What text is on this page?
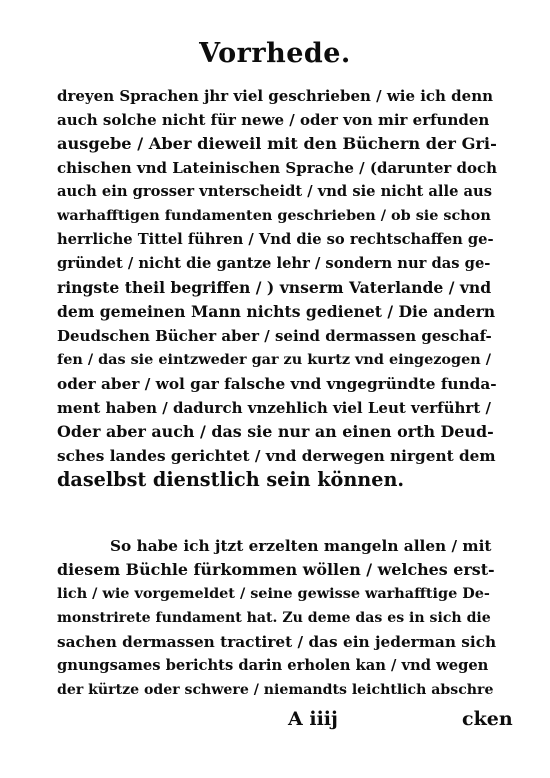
Vorrhede.
dreyen Sprachen jhr viel geschrieben / wie ich denn
auch solche nicht für newe / oder von mir erfunden
ausgebe / Aber dieweil mit den Büchern der Gri-
chischen vnd Lateinischen Sprache / (darunter doch
auch ein grosser vnterscheidt / vnd sie nicht alle aus
warhafftigen fundamenten geschrieben / ob sie schon
herrliche Tittel führen / Vnd die so rechtschaffen ge-
gründet / nicht die gantze lehr / sondern nur das ge-
ringste theil begriffen / ) vnserm Vaterlande / vnd
dem gemeinen Mann nichts gedienet / Die andern
Deudschen Bücher aber / seind dermassen geschaf-
fen / das sie eintzweder gar zu kurtz vnd eingezogen /
oder aber / wol gar falsche vnd vngegründte funda-
ment haben / dadurch vnzehlich viel Leut verführt /
Oder aber auch / das sie nur an einen orth Deud-
sches landes gerichtet / vnd derwegen nirgent dem
daselbst dienstlich sein können.
So habe ich jtzt erzelten mangeln allen / mit
diesem Büchle fürkommen wöllen / welches erst-
lich / wie vorgemeldet / seine gewisse warhafftige De-
monstrirete fundament hat. Zu deme das es in sich die
sachen dermassen tractiret / das ein jederman sich
gnungsames berichts darin erholen kan / vnd wegen
der kürtze oder schwere / niemandts leichtlich abschre
A iiij	cken
